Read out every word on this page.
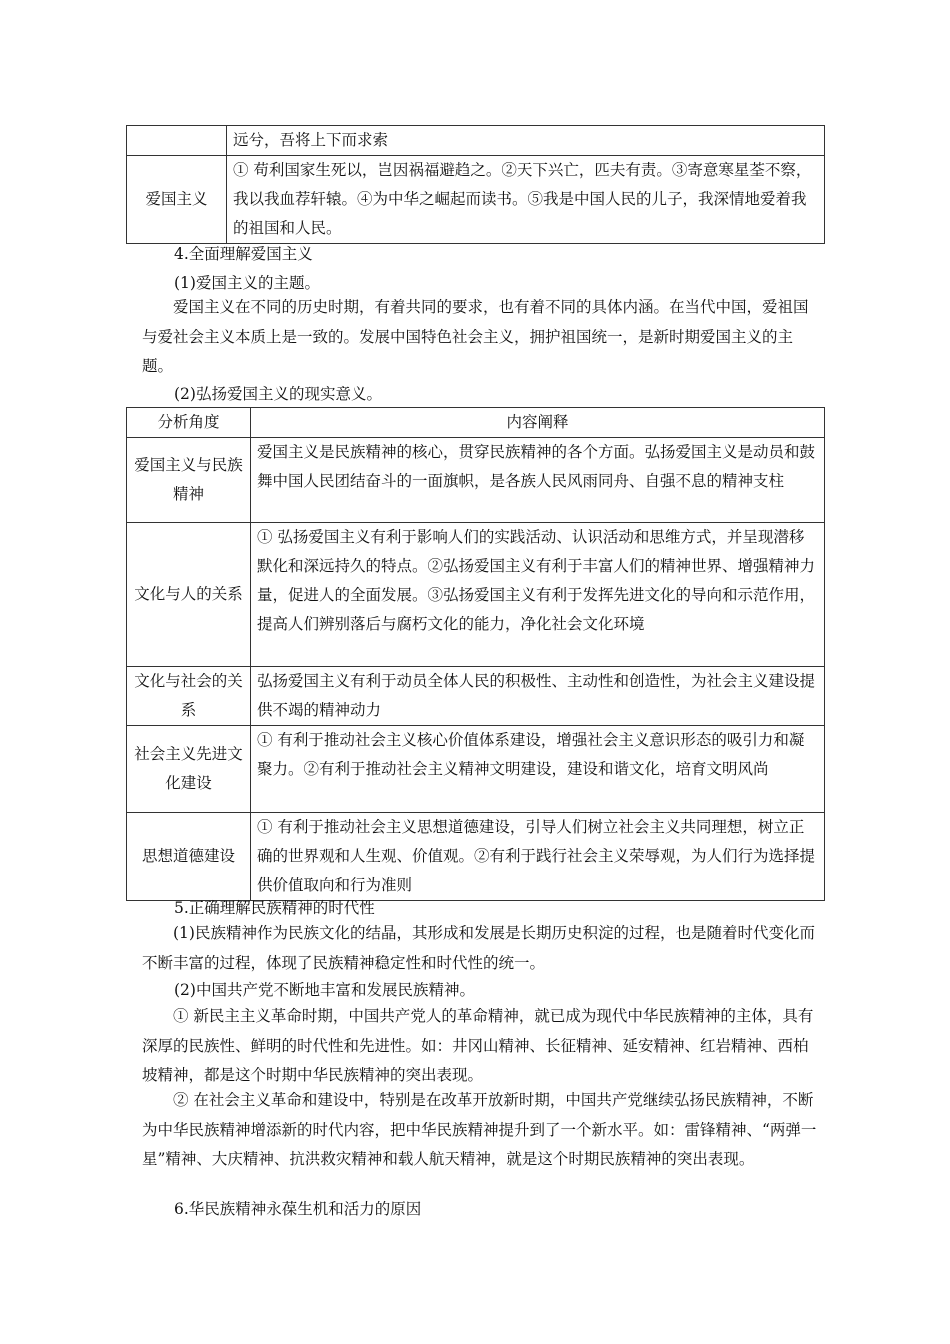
	远兮，吾将上下而求索
爱国主义	① 苟利国家生死以，岂因祸福避趋之。②天下兴亡，匹夫有责。③寄意寒星荃不察，我以我血荐轩辕。④为中华之崛起而读书。⑤我是中国人民的儿子，我深情地爱着我的祖国和人民。

4.全面理解爱国主义

(1)爱国主义的主题。

爱国主义在不同的历史时期，有着共同的要求，也有着不同的具体内涵。在当代中国，爱祖国与爱社会主义本质上是一致的。发展中国特色社会主义，拥护祖国统一，是新时期爱国主义的主题。

(2)弘扬爱国主义的现实意义。

分析角度	内容阐释
爱国主义与民族精神	爱国主义是民族精神的核心，贯穿民族精神的各个方面。弘扬爱国主义是动员和鼓舞中国人民团结奋斗的一面旗帜，是各族人民风雨同舟、自强不息的精神支柱
文化与人的关系	① 弘扬爱国主义有利于影响人们的实践活动、认识活动和思维方式，并呈现潜移默化和深远持久的特点。②弘扬爱国主义有利于丰富人们的精神世界、增强精神力量，促进人的全面发展。③弘扬爱国主义有利于发挥先进文化的导向和示范作用，提高人们辨别落后与腐朽文化的能力，净化社会文化环境
文化与社会的关系	弘扬爱国主义有利于动员全体人民的积极性、主动性和创造性，为社会主义建设提供不竭的精神动力
社会主义先进文化建设	① 有利于推动社会主义核心价值体系建设，增强社会主义意识形态的吸引力和凝聚力。②有利于推动社会主义精神文明建设，建设和谐文化，培育文明风尚
思想道德建设	① 有利于推动社会主义思想道德建设，引导人们树立社会主义共同理想，树立正确的世界观和人生观、价值观。②有利于践行社会主义荣辱观，为人们行为选择提供价值取向和行为准则

5.正确理解民族精神的时代性

(1)民族精神作为民族文化的结晶，其形成和发展是长期历史积淀的过程，也是随着时代变化而不断丰富的过程，体现了民族精神稳定性和时代性的统一。

(2)中国共产党不断地丰富和发展民族精神。

① 新民主主义革命时期，中国共产党人的革命精神，就已成为现代中华民族精神的主体，具有深厚的民族性、鲜明的时代性和先进性。如：井冈山精神、长征精神、延安精神、红岩精神、西柏坡精神，都是这个时期中华民族精神的突出表现。

② 在社会主义革命和建设中，特别是在改革开放新时期，中国共产党继续弘扬民族精神，不断为中华民族精神增添新的时代内容，把中华民族精神提升到了一个新水平。如：雷锋精神、“两弹一星”精神、大庆精神、抗洪救灾精神和载人航天精神，就是这个时期民族精神的突出表现。

6.华民族精神永葆生机和活力的原因
